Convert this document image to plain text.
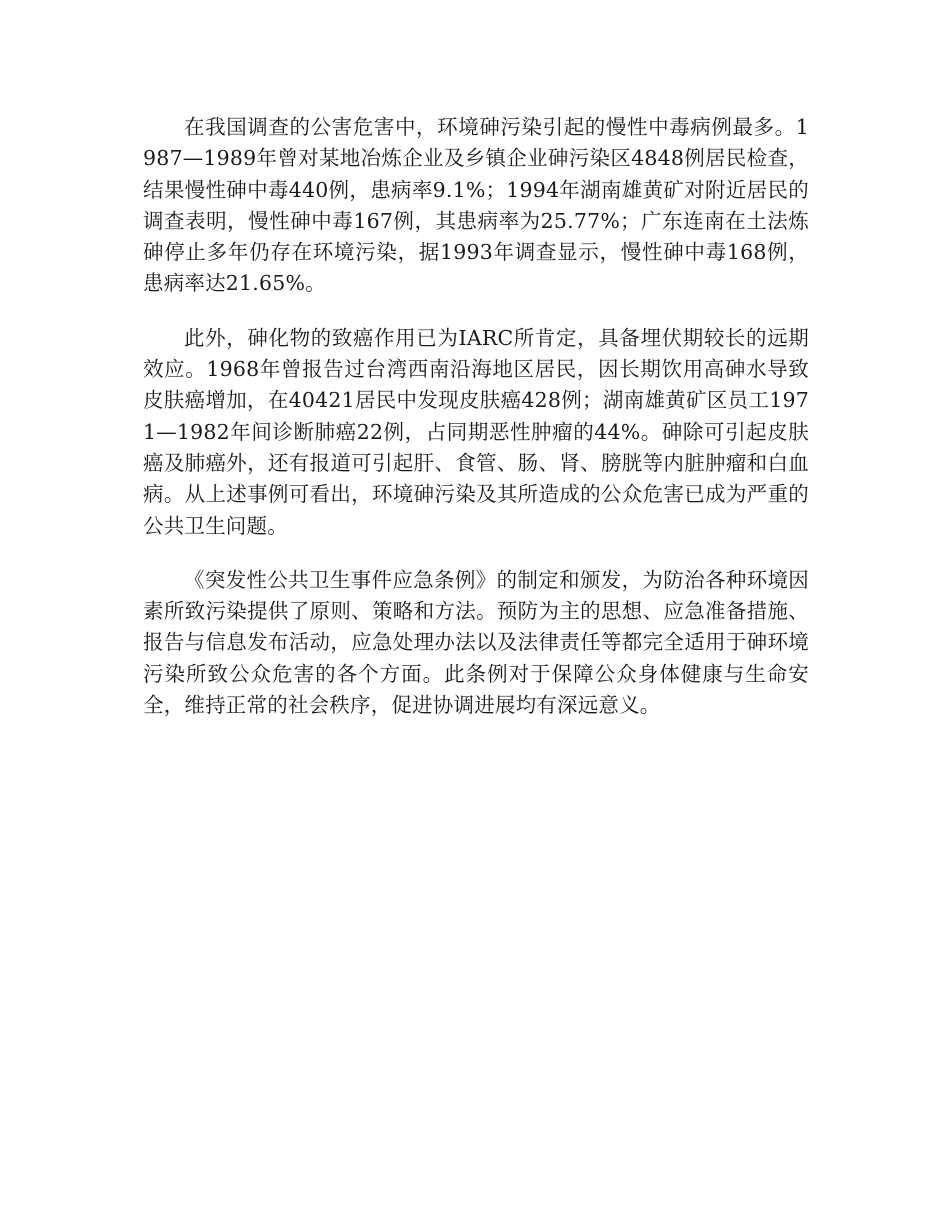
在我国调查的公害危害中，环境砷污染引起的慢性中毒病例最多。1987—1989年曾对某地冶炼企业及乡镇企业砷污染区4848例居民检查，结果慢性砷中毒440例，患病率9.1%；1994年湖南雄黄矿对附近居民的调查表明，慢性砷中毒167例，其患病率为25.77%；广东连南在土法炼砷停止多年仍存在环境污染，据1993年调查显示，慢性砷中毒168例，患病率达21.65%。

此外，砷化物的致癌作用已为IARC所肯定，具备埋伏期较长的远期效应。1968年曾报告过台湾西南沿海地区居民，因长期饮用高砷水导致皮肤癌增加，在40421居民中发现皮肤癌428例；湖南雄黄矿区员工1971—1982年间诊断肺癌22例，占同期恶性肿瘤的44%。砷除可引起皮肤癌及肺癌外，还有报道可引起肝、食管、肠、肾、膀胱等内脏肿瘤和白血病。从上述事例可看出，环境砷污染及其所造成的公众危害已成为严重的公共卫生问题。

《突发性公共卫生事件应急条例》的制定和颁发，为防治各种环境因素所致污染提供了原则、策略和方法。预防为主的思想、应急准备措施、报告与信息发布活动，应急处理办法以及法律责任等都完全适用于砷环境污染所致公众危害的各个方面。此条例对于保障公众身体健康与生命安全，维持正常的社会秩序，促进协调进展均有深远意义。
